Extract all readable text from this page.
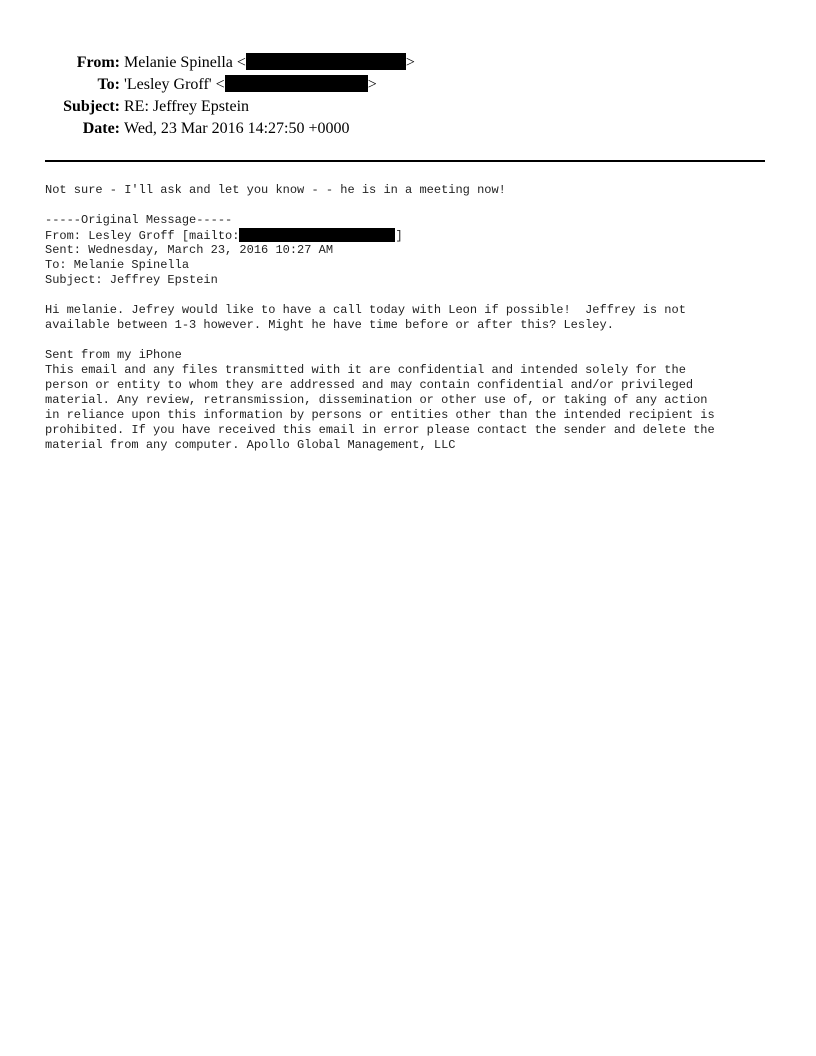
From: Melanie Spinella <	>
To: 'Lesley Groff' <	>
Subject: RE: Jeffrey Epstein
Date: Wed, 23 Mar 2016 14:27:50 +0000
Not sure - I'll ask and let you know - - he is in a meeting now!
-----Original Message-----
From: Lesley Groff [mailto:	]
Sent: Wednesday, March 23, 2016 10:27 AM
To: Melanie Spinella
Subject: Jeffrey Epstein
Hi melanie. Jefrey would like to have a call today with Leon if possible!  Jeffrey is not
available between 1-3 however. Might he have time before or after this? Lesley.
Sent from my iPhone
This email and any files transmitted with it are confidential and intended solely for the
person or entity to whom they are addressed and may contain confidential and/or privileged
material. Any review, retransmission, dissemination or other use of, or taking of any action
in reliance upon this information by persons or entities other than the intended recipient is
prohibited. If you have received this email in error please contact the sender and delete the
material from any computer. Apollo Global Management, LLC
